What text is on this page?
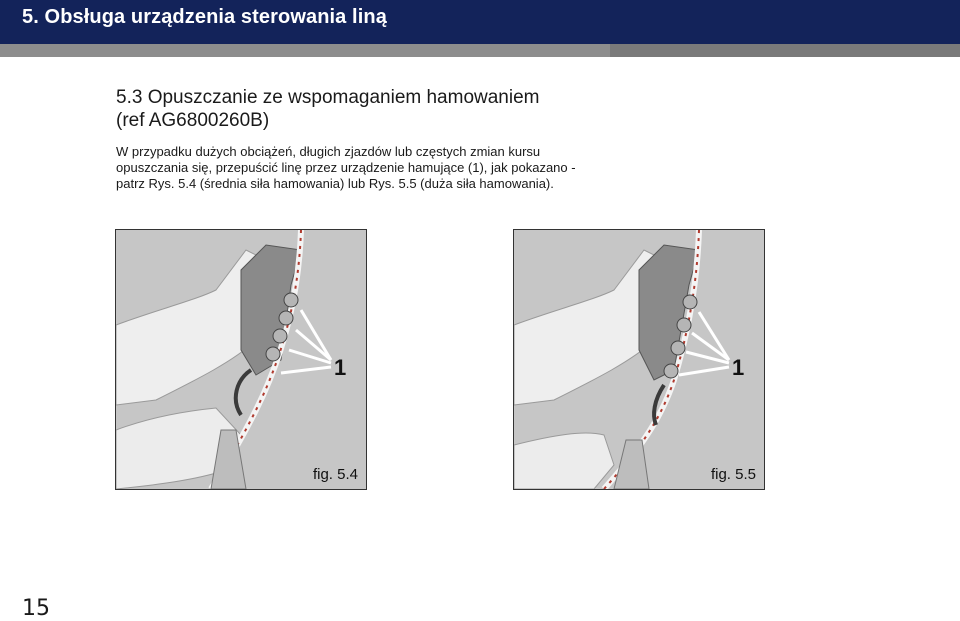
5. Obsługa urządzenia sterowania liną
5.3 Opuszczanie ze wspomaganiem hamowaniem
(ref AG6800260B)

W przypadku dużych obciążeń, długich zjazdów lub częstych zmian kursu
opuszczania się, przepuścić linę przez urządzenie hamujące (1), jak pokazano -
patrz Rys. 5.4 (średnia siła hamowania) lub Rys. 5.5 (duża siła hamowania).

1
fig. 5.4
1
fig. 5.5
15
